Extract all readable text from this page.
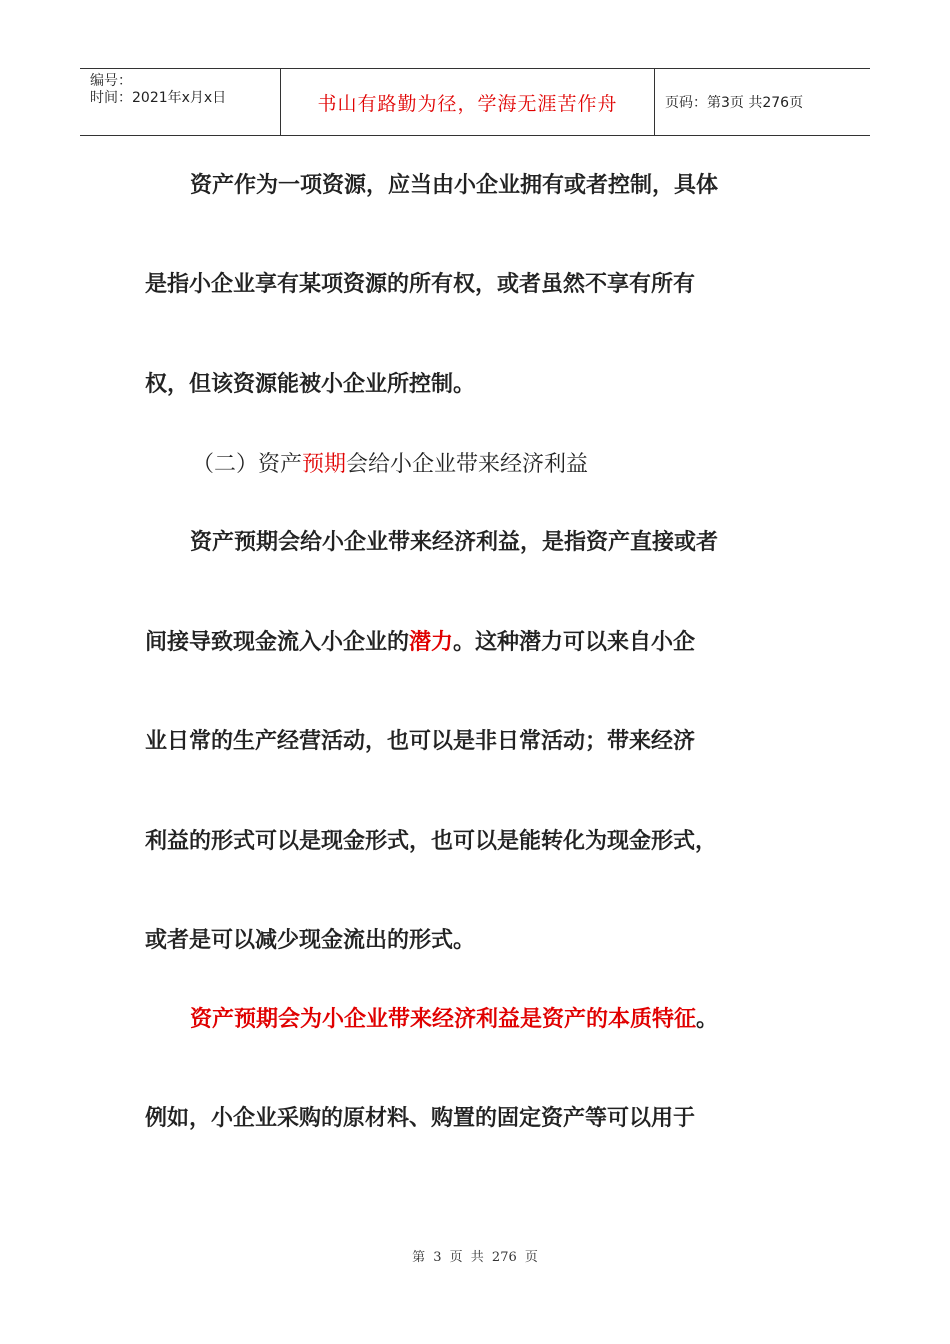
编号：
时间：2021年x月x日	书山有路勤为径，学海无涯苦作舟	页码：第3页 共276页
资产作为一项资源，应当由小企业拥有或者控制，具体
是指小企业享有某项资源的所有权，或者虽然不享有所有
权，但该资源能被小企业所控制。
（二）资产预期会给小企业带来经济利益
资产预期会给小企业带来经济利益，是指资产直接或者
间接导致现金流入小企业的潜力。这种潜力可以来自小企
业日常的生产经营活动，也可以是非日常活动；带来经济
利益的形式可以是现金形式，也可以是能转化为现金形式，
或者是可以减少现金流出的形式。
资产预期会为小企业带来经济利益是资产的本质特征。
例如，小企业采购的原材料、购置的固定资产等可以用于
第 3 页 共 276 页
